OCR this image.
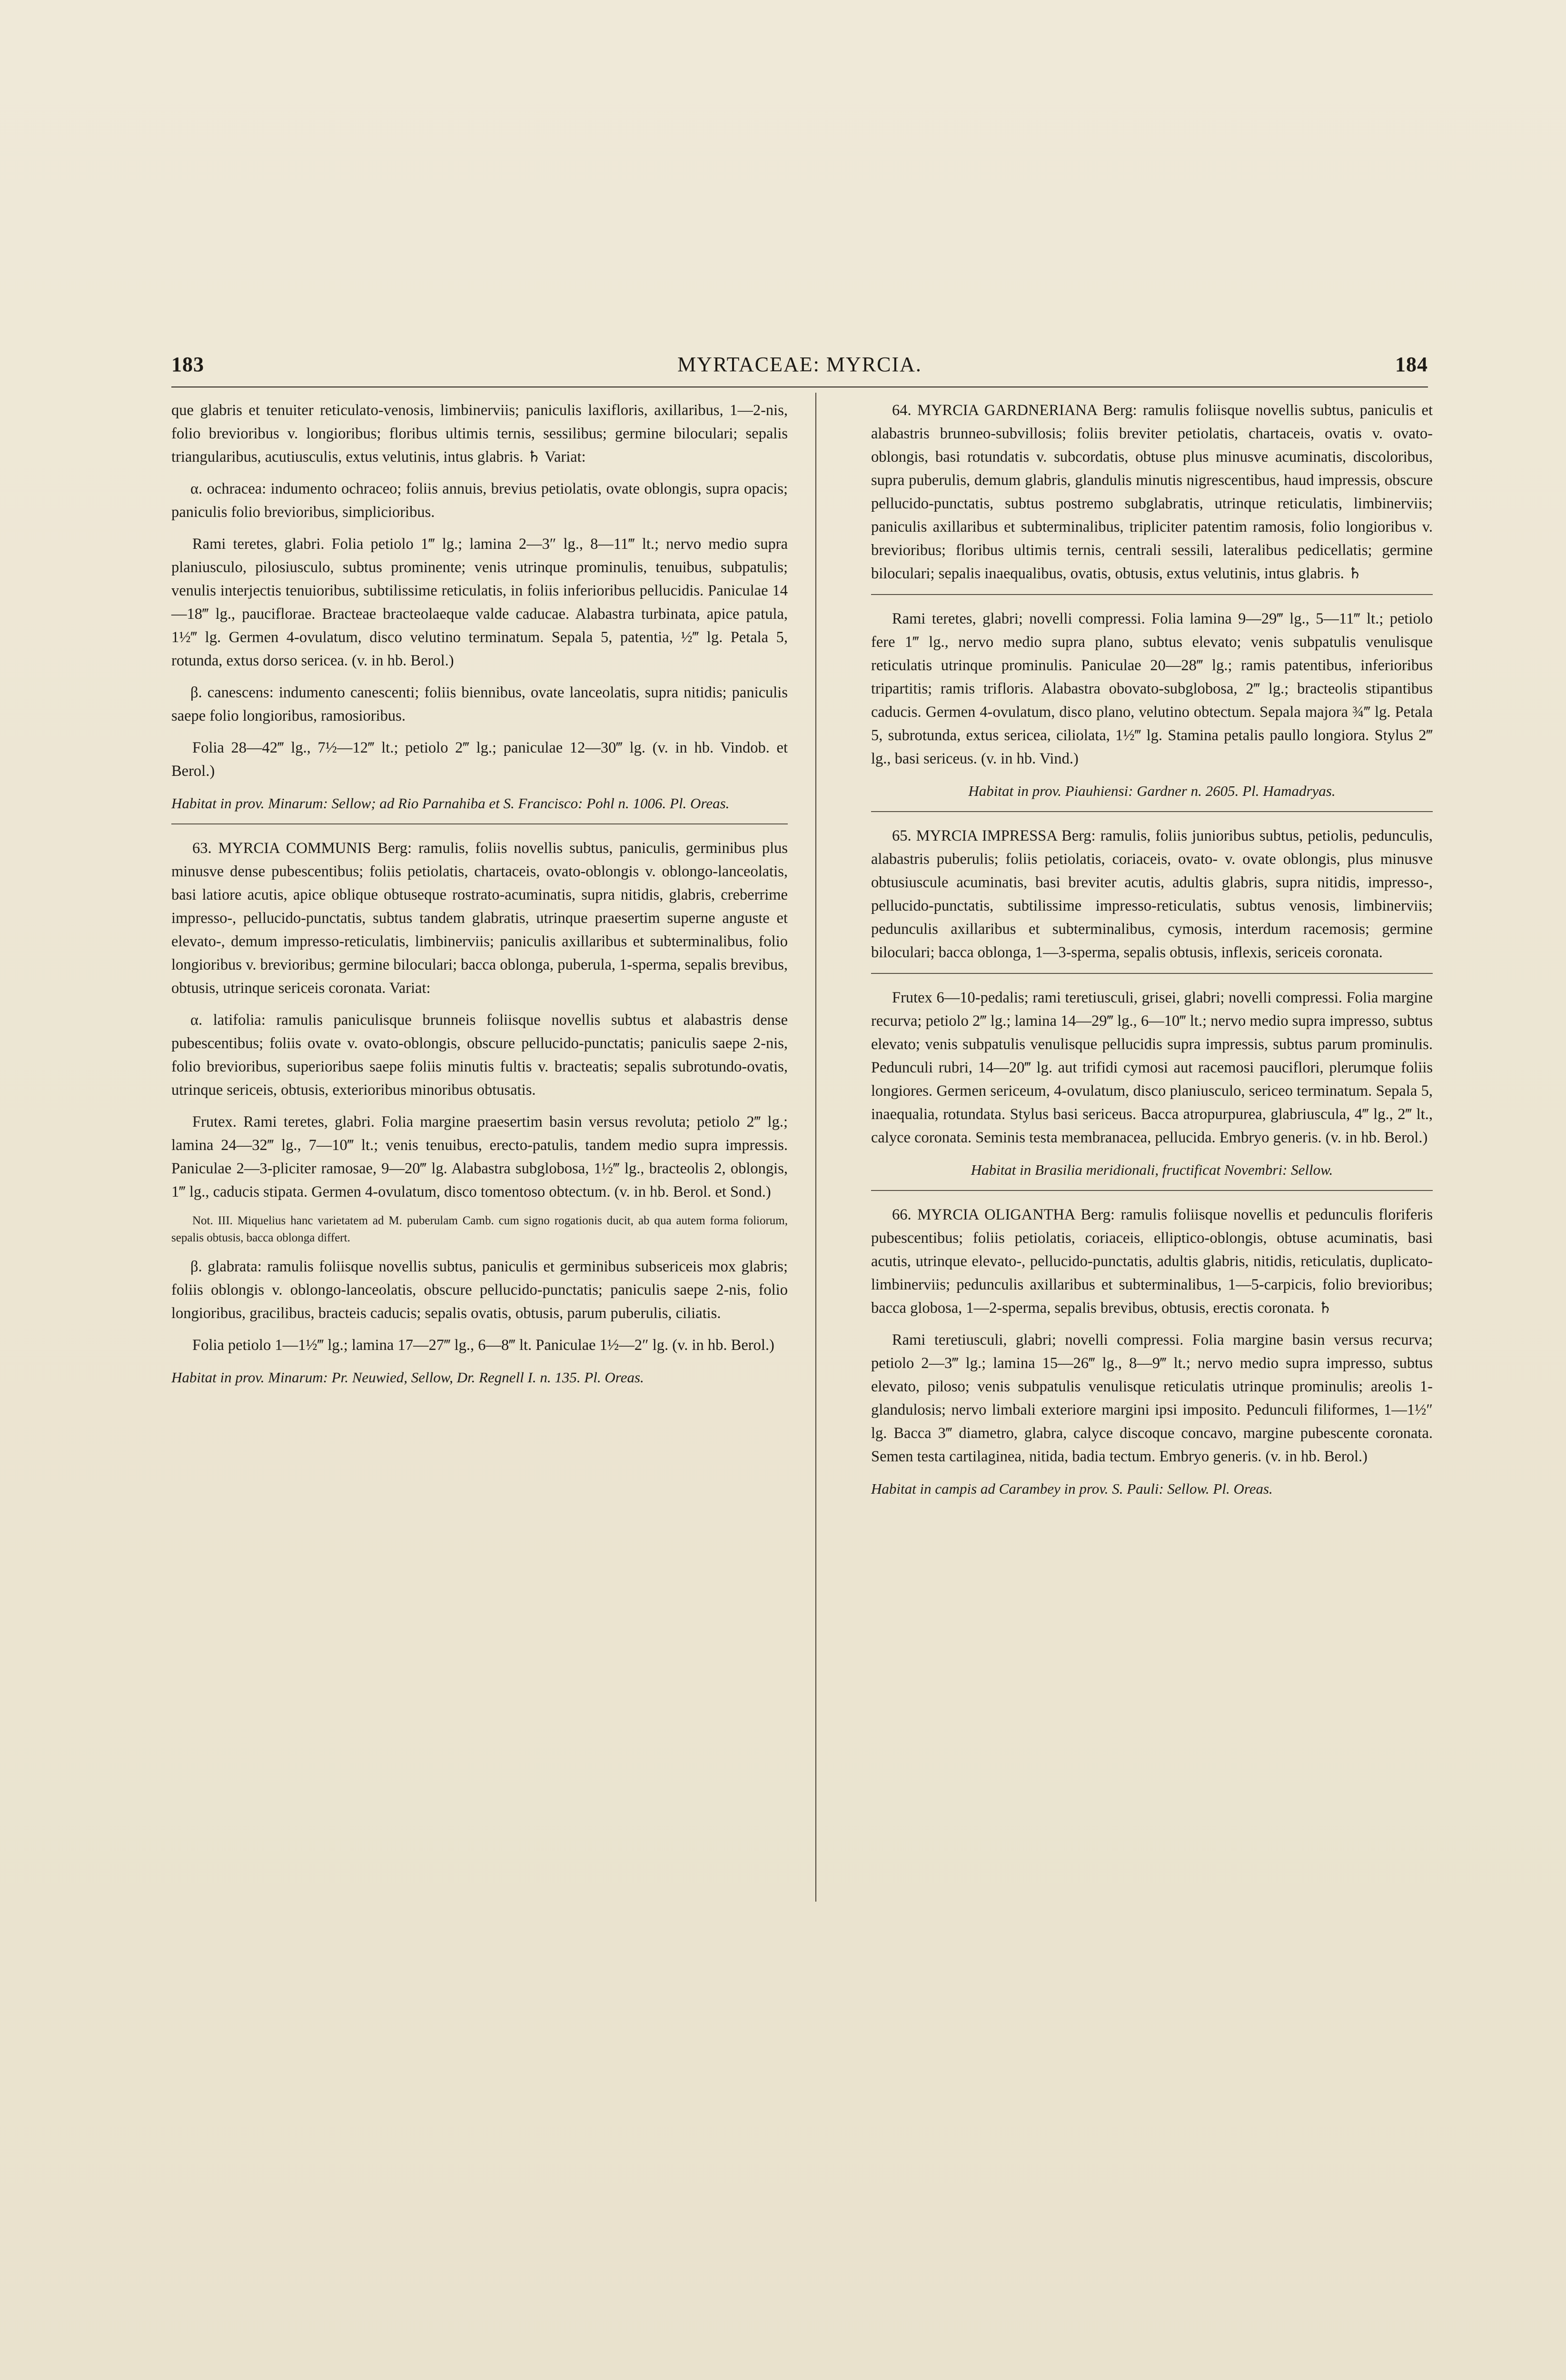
183	MYRTACEAE: MYRCIA.	184

que glabris et tenuiter reticulato-venosis, limbinerviis; paniculis laxifloris, axillaribus, 1—2-nis, folio brevioribus v. longioribus; floribus ultimis ternis, sessilibus; germine biloculari; sepalis triangularibus, acutiusculis, extus velutinis, intus glabris. ♄ Variat:

α. ochracea: indumento ochraceo; foliis annuis, brevius petiolatis, ovate oblongis, supra opacis; paniculis folio brevioribus, simplicioribus.

Rami teretes, glabri. Folia petiolo 1‴ lg.; lamina 2—3″ lg., 8—11‴ lt.; nervo medio supra planiusculo, pilosiusculo, subtus prominente; venis utrinque prominulis, tenuibus, subpatulis; venulis interjectis tenuioribus, subtilissime reticulatis, in foliis inferioribus pellucidis. Paniculae 14—18‴ lg., pauciflorae. Bracteae bracteolaeque valde caducae. Alabastra turbinata, apice patula, 1½‴ lg. Germen 4-ovulatum, disco velutino terminatum. Sepala 5, patentia, ½‴ lg. Petala 5, rotunda, extus dorso sericea. (v. in hb. Berol.)

β. canescens: indumento canescenti; foliis biennibus, ovate lanceolatis, supra nitidis; paniculis saepe folio longioribus, ramosioribus.

Folia 28—42‴ lg., 7½—12‴ lt.; petiolo 2‴ lg.; paniculae 12—30‴ lg. (v. in hb. Vindob. et Berol.)

Habitat in prov. Minarum: Sellow; ad Rio Parnahiba et S. Francisco: Pohl n. 1006. Pl. Oreas.

63. MYRCIA COMMUNIS Berg: ramulis, foliis novellis subtus, paniculis, germinibus plus minusve dense pubescentibus; foliis petiolatis, chartaceis, ovato-oblongis v. oblongo-lanceolatis, basi latiore acutis, apice oblique obtuseque rostrato-acuminatis, supra nitidis, glabris, creberrime impresso-, pellucido-punctatis, subtus tandem glabratis, utrinque praesertim superne anguste et elevato-, demum impresso-reticulatis, limbinerviis; paniculis axillaribus et subterminalibus, folio longioribus v. brevioribus; germine biloculari; bacca oblonga, puberula, 1-sperma, sepalis brevibus, obtusis, utrinque sericeis coronata. Variat:

α. latifolia: ramulis paniculisque brunneis foliisque novellis subtus et alabastris dense pubescentibus; foliis ovate v. ovato-oblongis, obscure pellucido-punctatis; paniculis saepe 2-nis, folio brevioribus, superioribus saepe foliis minutis fultis v. bracteatis; sepalis subrotundo-ovatis, utrinque sericeis, obtusis, exterioribus minoribus obtusatis.

Frutex. Rami teretes, glabri. Folia margine praesertim basin versus revoluta; petiolo 2‴ lg.; lamina 24—32‴ lg., 7—10‴ lt.; venis tenuibus, erecto-patulis, tandem medio supra impressis. Paniculae 2—3-pliciter ramosae, 9—20‴ lg. Alabastra subglobosa, 1½‴ lg., bracteolis 2, oblongis, 1‴ lg., caducis stipata. Germen 4-ovulatum, disco tomentoso obtectum. (v. in hb. Berol. et Sond.)

Not. III. Miquelius hanc varietatem ad M. puberulam Camb. cum signo rogationis ducit, ab qua autem forma foliorum, sepalis obtusis, bacca oblonga differt.

β. glabrata: ramulis foliisque novellis subtus, paniculis et germinibus subsericeis mox glabris; foliis oblongis v. oblongo-lanceolatis, obscure pellucido-punctatis; paniculis saepe 2-nis, folio longioribus, gracilibus, bracteis caducis; sepalis ovatis, obtusis, parum puberulis, ciliatis.

Folia petiolo 1—1½‴ lg.; lamina 17—27‴ lg., 6—8‴ lt. Paniculae 1½—2″ lg. (v. in hb. Berol.)

Habitat in prov. Minarum: Pr. Neuwied, Sellow, Dr. Regnell I. n. 135. Pl. Oreas.

64. MYRCIA GARDNERIANA Berg: ramulis foliisque novellis subtus, paniculis et alabastris brunneo-subvillosis; foliis breviter petiolatis, chartaceis, ovatis v. ovato-oblongis, basi rotundatis v. subcordatis, obtuse plus minusve acuminatis, discoloribus, supra puberulis, demum glabris, glandulis minutis nigrescentibus, haud impressis, obscure pellucido-punctatis, subtus postremo subglabratis, utrinque reticulatis, limbinerviis; paniculis axillaribus et subterminalibus, tripliciter patentim ramosis, folio longioribus v. brevioribus; floribus ultimis ternis, centrali sessili, lateralibus pedicellatis; germine biloculari; sepalis inaequalibus, ovatis, obtusis, extus velutinis, intus glabris. ♄

Rami teretes, glabri; novelli compressi. Folia lamina 9—29‴ lg., 5—11‴ lt.; petiolo fere 1‴ lg., nervo medio supra plano, subtus elevato; venis subpatulis venulisque reticulatis utrinque prominulis. Paniculae 20—28‴ lg.; ramis patentibus, inferioribus tripartitis; ramis trifloris. Alabastra obovato-subglobosa, 2‴ lg.; bracteolis stipantibus caducis. Germen 4-ovulatum, disco plano, velutino obtectum. Sepala majora ¾‴ lg. Petala 5, subrotunda, extus sericea, ciliolata, 1½‴ lg. Stamina petalis paullo longiora. Stylus 2‴ lg., basi sericeus. (v. in hb. Vind.)

Habitat in prov. Piauhiensi: Gardner n. 2605. Pl. Hamadryas.

65. MYRCIA IMPRESSA Berg: ramulis, foliis junioribus subtus, petiolis, pedunculis, alabastris puberulis; foliis petiolatis, coriaceis, ovato- v. ovate oblongis, plus minusve obtusiuscule acuminatis, basi breviter acutis, adultis glabris, supra nitidis, impresso-, pellucido-punctatis, subtilissime impresso-reticulatis, subtus venosis, limbinerviis; pedunculis axillaribus et subterminalibus, cymosis, interdum racemosis; germine biloculari; bacca oblonga, 1—3-sperma, sepalis obtusis, inflexis, sericeis coronata.

Frutex 6—10-pedalis; rami teretiusculi, grisei, glabri; novelli compressi. Folia margine recurva; petiolo 2‴ lg.; lamina 14—29‴ lg., 6—10‴ lt.; nervo medio supra impresso, subtus elevato; venis subpatulis venulisque pellucidis supra impressis, subtus parum prominulis. Pedunculi rubri, 14—20‴ lg. aut trifidi cymosi aut racemosi pauciflori, plerumque foliis longiores. Germen sericeum, 4-ovulatum, disco planiusculo, sericeo terminatum. Sepala 5, inaequalia, rotundata. Stylus basi sericeus. Bacca atropurpurea, glabriuscula, 4‴ lg., 2‴ lt., calyce coronata. Seminis testa membranacea, pellucida. Embryo generis. (v. in hb. Berol.)

Habitat in Brasilia meridionali, fructificat Novembri: Sellow.

66. MYRCIA OLIGANTHA Berg: ramulis foliisque novellis et pedunculis floriferis pubescentibus; foliis petiolatis, coriaceis, elliptico-oblongis, obtuse acuminatis, basi acutis, utrinque elevato-, pellucido-punctatis, adultis glabris, nitidis, reticulatis, duplicato-limbinerviis; pedunculis axillaribus et subterminalibus, 1—5-carpicis, folio brevioribus; bacca globosa, 1—2-sperma, sepalis brevibus, obtusis, erectis coronata. ♄

Rami teretiusculi, glabri; novelli compressi. Folia margine basin versus recurva; petiolo 2—3‴ lg.; lamina 15—26‴ lg., 8—9‴ lt.; nervo medio supra impresso, subtus elevato, piloso; venis subpatulis venulisque reticulatis utrinque prominulis; areolis 1-glandulosis; nervo limbali exteriore margini ipsi imposito. Pedunculi filiformes, 1—1½″ lg. Bacca 3‴ diametro, glabra, calyce discoque concavo, margine pubescente coronata. Semen testa cartilaginea, nitida, badia tectum. Embryo generis. (v. in hb. Berol.)

Habitat in campis ad Carambey in prov. S. Pauli: Sellow. Pl. Oreas.
